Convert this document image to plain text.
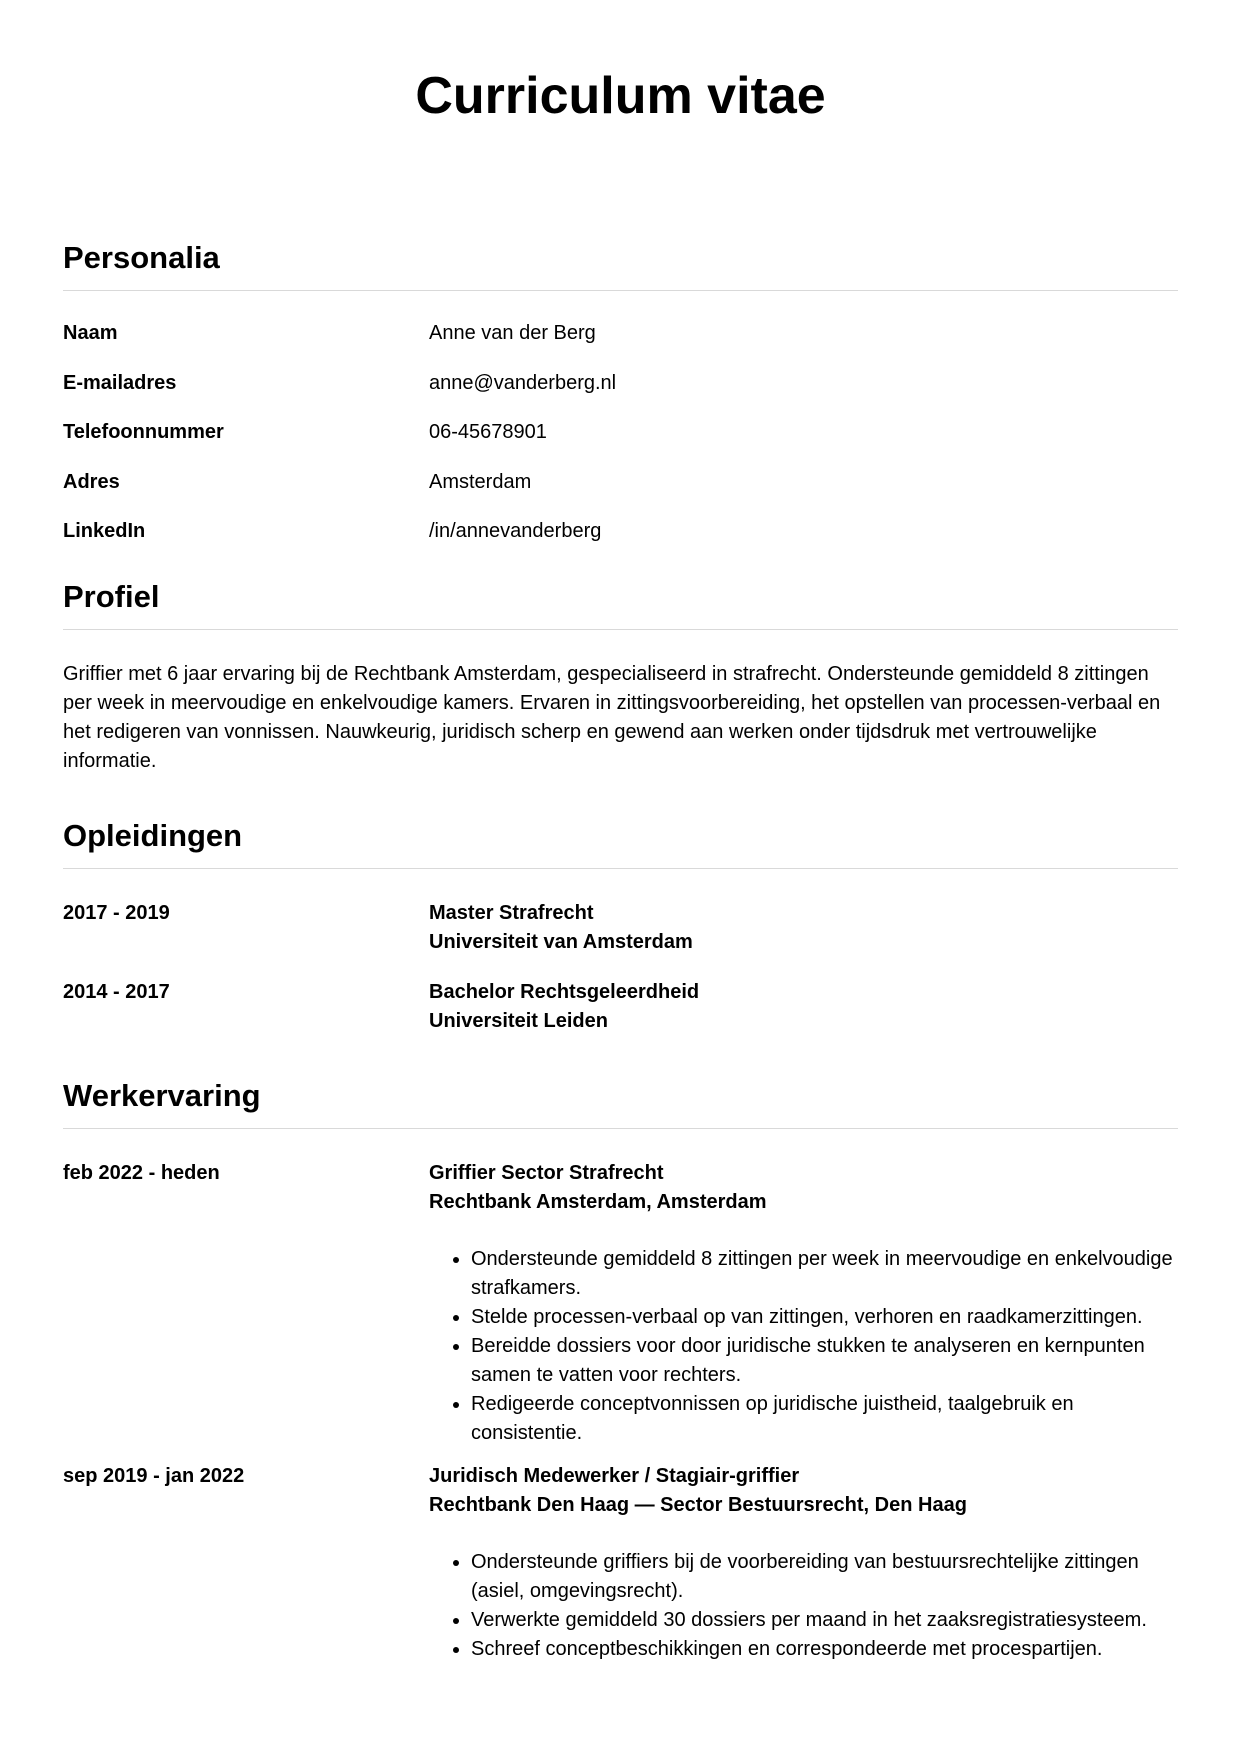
Curriculum vitae
Personalia
Naam	Anne van der Berg
E-mailadres	anne@vanderberg.nl
Telefoonnummer	06-45678901
Adres	Amsterdam
LinkedIn	/in/annevanderberg
Profiel

Griffier met 6 jaar ervaring bij de Rechtbank Amsterdam, gespecialiseerd in strafrecht. Ondersteunde gemiddeld 8 zittingen per week in meervoudige en enkelvoudige kamers. Ervaren in zittingsvoorbereiding, het opstellen van processen-verbaal en het redigeren van vonnissen. Nauwkeurig, juridisch scherp en gewend aan werken onder tijdsdruk met vertrouwelijke informatie.

Opleidingen
2017 - 2019	Master Strafrecht
Universiteit van Amsterdam
2014 - 2017	Bachelor Rechtsgeleerdheid
Universiteit Leiden
Werkervaring
feb 2022 - heden	Griffier Sector Strafrecht
Rechtbank Amsterdam, Amsterdam
• Ondersteunde gemiddeld 8 zittingen per week in meervoudige en enkelvoudige strafkamers.
• Stelde processen-verbaal op van zittingen, verhoren en raadkamerzittingen.
• Bereidde dossiers voor door juridische stukken te analyseren en kernpunten samen te vatten voor rechters.
• Redigeerde conceptvonnissen op juridische juistheid, taalgebruik en consistentie.
sep 2019 - jan 2022	Juridisch Medewerker / Stagiair-griffier
Rechtbank Den Haag — Sector Bestuursrecht, Den Haag
• Ondersteunde griffiers bij de voorbereiding van bestuursrechtelijke zittingen (asiel, omgevingsrecht).
• Verwerkte gemiddeld 30 dossiers per maand in het zaaksregistratiesysteem.
• Schreef conceptbeschikkingen en correspondeerde met procespartijen.
